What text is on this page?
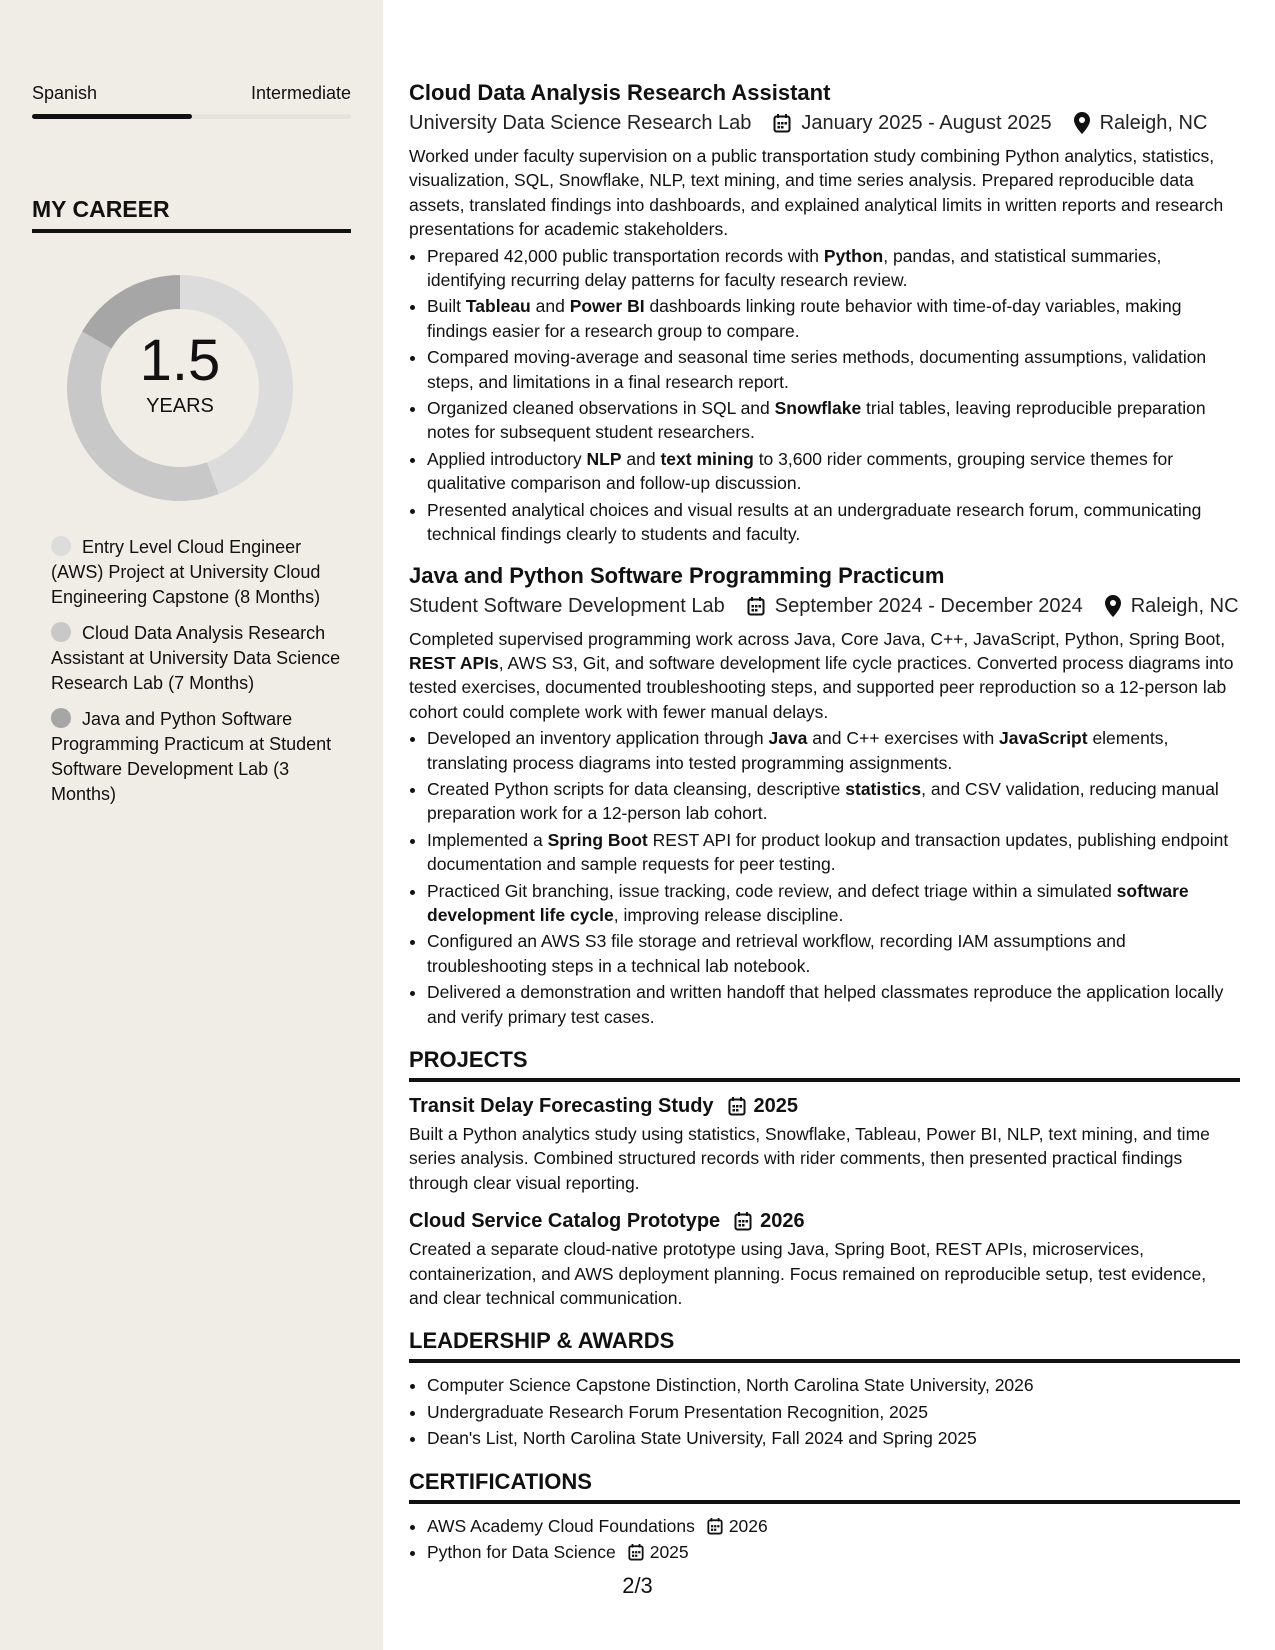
Spanish	Intermediate
MY CAREER
1.5
YEARS
Entry Level Cloud Engineer (AWS) Project at University Cloud Engineering Capstone (8 Months)
Cloud Data Analysis Research Assistant at University Data Science Research Lab (7 Months)
Java and Python Software Programming Practicum at Student Software Development Lab (3 Months)
Cloud Data Analysis Research Assistant
University Data Science Research Lab	January 2025 - August 2025 Raleigh, NC
Worked under faculty supervision on a public transportation study combining Python analytics, statistics, visualization, SQL, Snowflake, NLP, text mining, and time series analysis. Prepared reproducible data assets, translated findings into dashboards, and explained analytical limits in written reports and research presentations for academic stakeholders.
• Prepared 42,000 public transportation records with Python, pandas, and statistical summaries, identifying recurring delay patterns for faculty research review.
• Built Tableau and Power BI dashboards linking route behavior with time-of-day variables, making findings easier for a research group to compare.
• Compared moving-average and seasonal time series methods, documenting assumptions, validation steps, and limitations in a final research report.
• Organized cleaned observations in SQL and Snowflake trial tables, leaving reproducible preparation notes for subsequent student researchers.
• Applied introductory NLP and text mining to 3,600 rider comments, grouping service themes for qualitative comparison and follow-up discussion.
• Presented analytical choices and visual results at an undergraduate research forum, communicating technical findings clearly to students and faculty.
Java and Python Software Programming Practicum
Student Software Development Lab	September 2024 - December 2024 Raleigh, NC
Completed supervised programming work across Java, Core Java, C++, JavaScript, Python, Spring Boot, REST APIs, AWS S3, Git, and software development life cycle practices. Converted process diagrams into tested exercises, documented troubleshooting steps, and supported peer reproduction so a 12-person lab cohort could complete work with fewer manual delays.
• Developed an inventory application through Java and C++ exercises with JavaScript elements, translating process diagrams into tested programming assignments.
• Created Python scripts for data cleansing, descriptive statistics, and CSV validation, reducing manual preparation work for a 12-person lab cohort.
• Implemented a Spring Boot REST API for product lookup and transaction updates, publishing endpoint documentation and sample requests for peer testing.
• Practiced Git branching, issue tracking, code review, and defect triage within a simulated software development life cycle, improving release discipline.
• Configured an AWS S3 file storage and retrieval workflow, recording IAM assumptions and troubleshooting steps in a technical lab notebook.
• Delivered a demonstration and written handoff that helped classmates reproduce the application locally and verify primary test cases.
PROJECTS
Transit Delay Forecasting Study 2025
Built a Python analytics study using statistics, Snowflake, Tableau, Power BI, NLP, text mining, and time series analysis. Combined structured records with rider comments, then presented practical findings through clear visual reporting.
Cloud Service Catalog Prototype 2026
Created a separate cloud-native prototype using Java, Spring Boot, REST APIs, microservices, containerization, and AWS deployment planning. Focus remained on reproducible setup, test evidence, and clear technical communication.
LEADERSHIP & AWARDS
• Computer Science Capstone Distinction, North Carolina State University, 2026
• Undergraduate Research Forum Presentation Recognition, 2025
• Dean's List, North Carolina State University, Fall 2024 and Spring 2025
CERTIFICATIONS
• AWS Academy Cloud Foundations 2026
• Python for Data Science 2025
2/3
